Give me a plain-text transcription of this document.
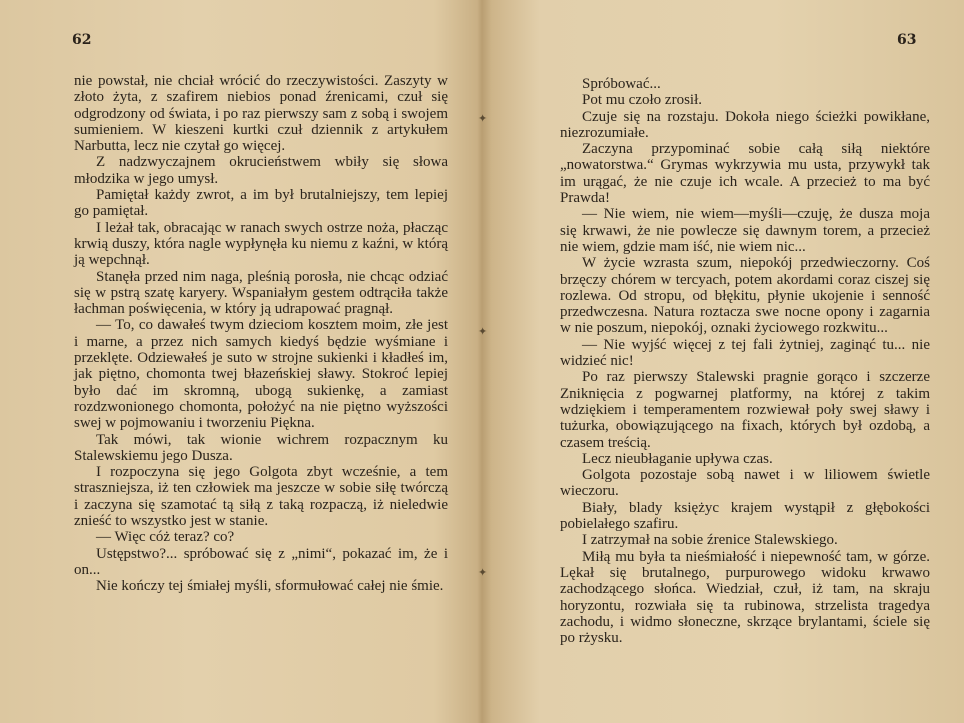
62

nie powstał, nie chciał wrócić do rzeczywistości. Zaszyty w złoto żyta, z szafirem niebios ponad źrenicami, czuł się odgrodzony od świata, i po raz pierwszy sam z sobą i swojem sumieniem. W kieszeni kurtki czuł dziennik z artykułem Narbutta, lecz nie czytał go więcej.

Z nadzwyczajnem okrucieństwem wbiły się słowa młodzika w jego umysł.

Pamiętał każdy zwrot, a im był brutalniejszy, tem lepiej go pamiętał.

I leżał tak, obracając w ranach swych ostrze noża, płacząc krwią duszy, która nagle wypłynęła ku niemu z kaźni, w którą ją wepchnął.

Stanęła przed nim naga, pleśnią porosła, nie chcąc odziać się w pstrą szatę karyery. Wspaniałym gestem odtrąciła także łachman poświęcenia, w który ją udrapować pragnął.

— To, co dawałeś twym dzieciom kosztem moim, złe jest i marne, a przez nich samych kiedyś będzie wyśmiane i przeklęte. Odziewałeś je suto w strojne sukienki i kładłeś im, jak piętno, chomonta twej błazeńskiej sławy. Stokroć lepiej było dać im skromną, ubogą sukienkę, a zamiast rozdzwonionego chomonta, położyć na nie piętno wyższości swej w pojmowaniu i tworzeniu Piękna.

Tak mówi, tak wionie wichrem rozpacznym ku Stalewskiemu jego Dusza.

I rozpoczyna się jego Golgota zbyt wcześnie, a tem straszniejsza, iż ten człowiek ma jeszcze w sobie siłę twórczą i zaczyna się szamotać tą siłą z taką rozpaczą, iż nieledwie znieść to wszystko jest w stanie.

— Więc cóż teraz? co?

Ustępstwo?... spróbować się z „nimi“, pokazać im, że i on...

Nie kończy tej śmiałej myśli, sformułować całej nie śmie.

63

Spróbować...

Pot mu czoło zrosił.

Czuje się na rozstaju. Dokoła niego ścieżki powikłane, niezrozumiałe.

Zaczyna przypominać sobie całą siłą niektóre „nowatorstwa.“ Grymas wykrzywia mu usta, przywykł tak im urągać, że nie czuje ich wcale. A przecież to ma być Prawda!

— Nie wiem, nie wiem—myśli—czuję, że dusza moja się krwawi, że nie powlecze się dawnym torem, a przecież nie wiem, gdzie mam iść, nie wiem nic...

W życie wzrasta szum, niepokój przedwieczorny. Coś brzęczy chórem w tercyach, potem akordami coraz ciszej się rozlewa. Od stropu, od błękitu, płynie ukojenie i senność przedwczesna. Natura roztacza swe nocne opony i zagarnia w nie poszum, niepokój, oznaki życiowego rozkwitu...

— Nie wyjść więcej z tej fali żytniej, zaginąć tu... nie widzieć nic!

Po raz pierwszy Stalewski pragnie gorąco i szczerze Zniknięcia z pogwarnej platformy, na której z takim wdziękiem i temperamentem rozwiewał poły swej sławy i tużurka, obowiązującego na fixach, których był ozdobą, a czasem treścią.

Lecz nieubłaganie upływa czas.

Golgota pozostaje sobą nawet i w liliowem świetle wieczoru.

Biały, blady księżyc krajem wystąpił z głębokości pobielałego szafiru.

I zatrzymał na sobie źrenice Stalewskiego.

Miłą mu była ta nieśmiałość i niepewność tam, w górze. Lękał się brutalnego, purpurowego widoku krwawo zachodzącego słońca. Wiedział, czuł, iż tam, na skraju horyzontu, rozwiała się ta rubinowa, strzelista tragedya zachodu, i widmo słoneczne, skrzące brylantami, ściele się po rżysku.

✦
✦
✦
